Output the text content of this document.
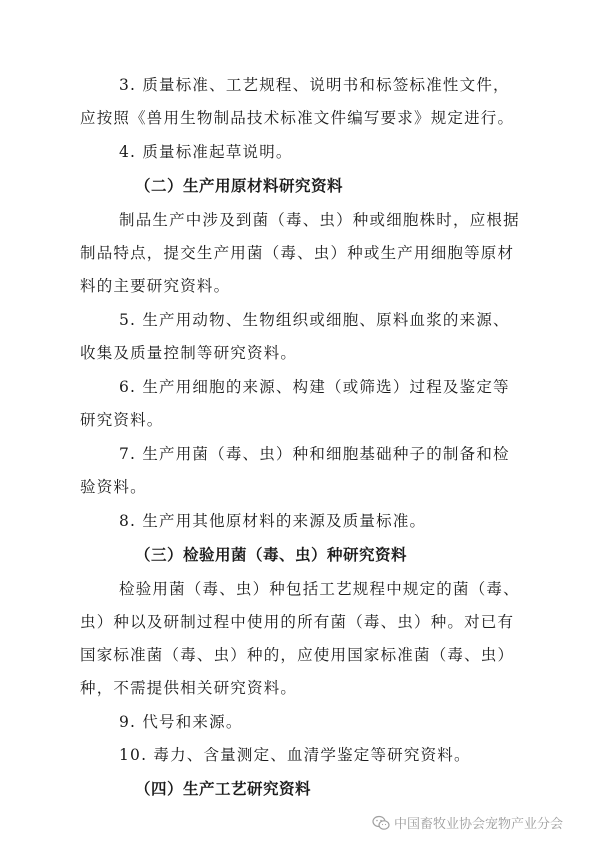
3. 质量标准、工艺规程、说明书和标签标准性文件，
应按照《兽用生物制品技术标准文件编写要求》规定进行。
4. 质量标准起草说明。
（二）生产用原材料研究资料
制品生产中涉及到菌（毒、虫）种或细胞株时，应根据
制品特点，提交生产用菌（毒、虫）种或生产用细胞等原材
料的主要研究资料。
5. 生产用动物、生物组织或细胞、原料血浆的来源、
收集及质量控制等研究资料。
6. 生产用细胞的来源、构建（或筛选）过程及鉴定等
研究资料。
7. 生产用菌（毒、虫）种和细胞基础种子的制备和检
验资料。
8. 生产用其他原材料的来源及质量标准。
（三）检验用菌（毒、虫）种研究资料
检验用菌（毒、虫）种包括工艺规程中规定的菌（毒、
虫）种以及研制过程中使用的所有菌（毒、虫）种。对已有
国家标准菌（毒、虫）种的，应使用国家标准菌（毒、虫）
种，不需提供相关研究资料。
9. 代号和来源。
10. 毒力、含量测定、血清学鉴定等研究资料。
（四）生产工艺研究资料
中国畜牧业协会宠物产业分会
